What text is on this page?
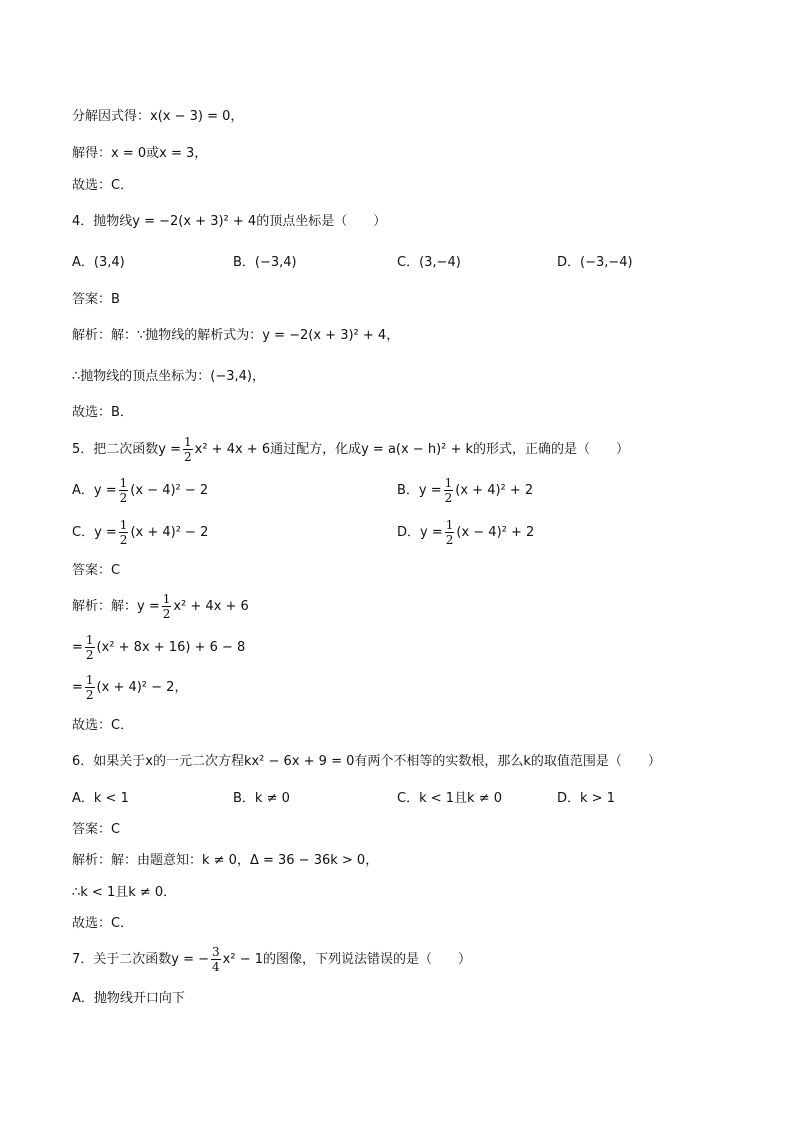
分解因式得：x(x − 3) = 0，
解得：x = 0或x = 3，
故选：C．
4．抛物线y = −2(x + 3)² + 4的顶点坐标是（　　）
A．(3,4)	B．(−3,4)	C．(3,−4)	D．(−3,−4)
答案：B
解析：解：∵抛物线的解析式为：y = −2(x + 3)² + 4，
∴抛物线的顶点坐标为：(−3,4)，
故选：B．
5．把二次函数$y = \frac{1}{2} x^2 + 4x + 6$通过配方，化成y = a(x − h)² + k的形式，正确的是（　　）
A．$y = \frac{1}{2} (x - 4)^2 - 2$	B．$y = \frac{1}{2} (x + 4)^2 + 2$
C．$y = \frac{1}{2} (x + 4)^2 - 2$	D．$y = \frac{1}{2} (x - 4)^2 + 2$
答案：C
解析：解：$y = \frac{1}{2} x^2 + 4x + 6$
= $\frac{1}{2} (x^2 + 8x + 16) + 6 - 8$
= $\frac{1}{2} (x + 4)^2 - 2$，
故选：C．
6．如果关于x的一元二次方程kx² − 6x + 9 = 0有两个不相等的实数根，那么k的取值范围是（　　）
A．k < 1	B．k ≠ 0	C．k < 1且k ≠ 0	D．k > 1
答案：C
解析：解：由题意知：k ≠ 0，Δ = 36 − 36k > 0，
∴k < 1且k ≠ 0．
故选：C．
7．关于二次函数y = − $\frac{3}{4} x^2 - 1$的图像，下列说法错误的是（　　）
A．抛物线开口向下
